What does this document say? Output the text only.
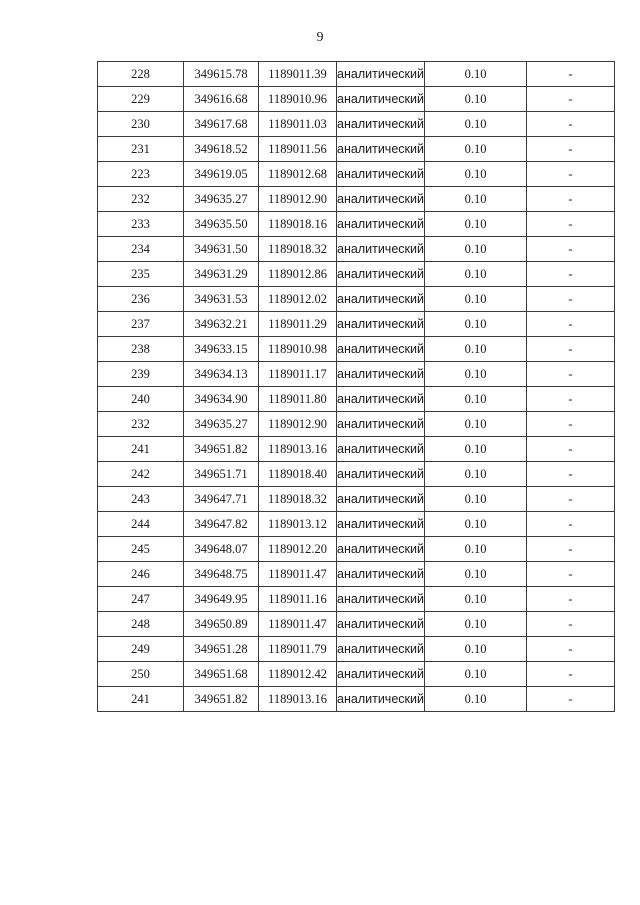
9
228	349615.78	1189011.39	аналитический	0.10	-
229	349616.68	1189010.96	аналитический	0.10	-
230	349617.68	1189011.03	аналитический	0.10	-
231	349618.52	1189011.56	аналитический	0.10	-
223	349619.05	1189012.68	аналитический	0.10	-
232	349635.27	1189012.90	аналитический	0.10	-
233	349635.50	1189018.16	аналитический	0.10	-
234	349631.50	1189018.32	аналитический	0.10	-
235	349631.29	1189012.86	аналитический	0.10	-
236	349631.53	1189012.02	аналитический	0.10	-
237	349632.21	1189011.29	аналитический	0.10	-
238	349633.15	1189010.98	аналитический	0.10	-
239	349634.13	1189011.17	аналитический	0.10	-
240	349634.90	1189011.80	аналитический	0.10	-
232	349635.27	1189012.90	аналитический	0.10	-
241	349651.82	1189013.16	аналитический	0.10	-
242	349651.71	1189018.40	аналитический	0.10	-
243	349647.71	1189018.32	аналитический	0.10	-
244	349647.82	1189013.12	аналитический	0.10	-
245	349648.07	1189012.20	аналитический	0.10	-
246	349648.75	1189011.47	аналитический	0.10	-
247	349649.95	1189011.16	аналитический	0.10	-
248	349650.89	1189011.47	аналитический	0.10	-
249	349651.28	1189011.79	аналитический	0.10	-
250	349651.68	1189012.42	аналитический	0.10	-
241	349651.82	1189013.16	аналитический	0.10	-
